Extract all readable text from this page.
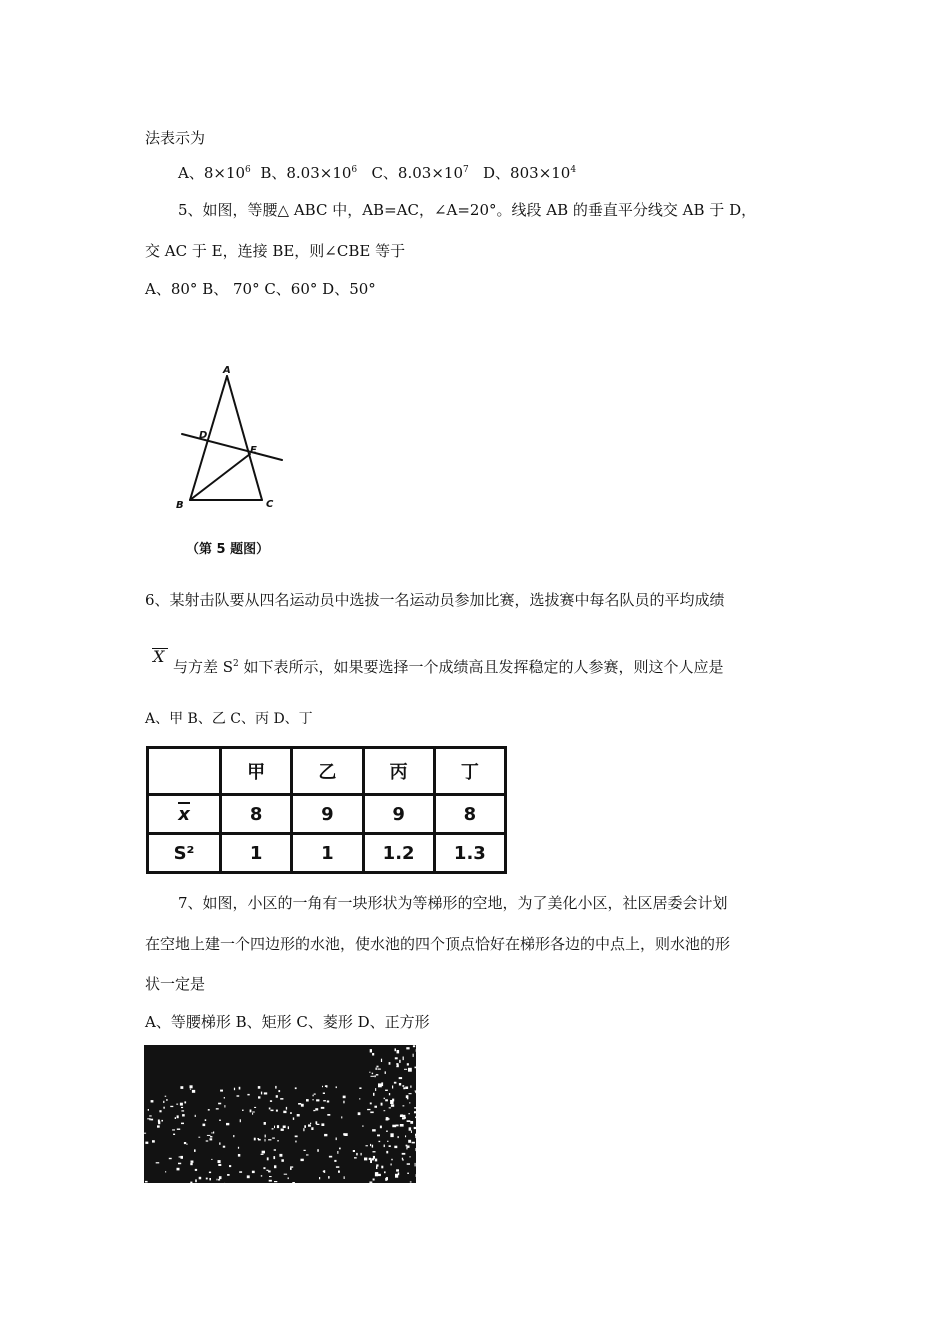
法表示为
A、$8\times 10^6$ B、$8.03\times 10^6$ C、$8.03\times 10^7$ D、$803\times 10^4$
5、如图，等腰△ ABC 中，AB=AC，∠A=20°。线段 AB 的垂直平分线交 AB 于 D，
交 AC 于 E，连接 BE，则∠CBE 等于
A、80° B、 70° C、60° D、50°
A
D
E
B	C
（第 5 题图）
6、某射击队要从四名运动员中选拔一名运动员参加比赛，选拔赛中每名队员的平均成绩
X
与方差 $S^2$ 如下表所示，如果要选择一个成绩高且发挥稳定的人参赛，则这个人应是
A、甲 B、乙 C、丙 D、丁
	甲	乙	丙	丁
x	8	9	9	8
S²	1	1	1.2	1.3
7、如图，小区的一角有一块形状为等梯形的空地，为了美化小区，社区居委会计划
在空地上建一个四边形的水池，使水池的四个顶点恰好在梯形各边的中点上，则水池的形
状一定是
A、等腰梯形 B、矩形 C、菱形 D、正方形
